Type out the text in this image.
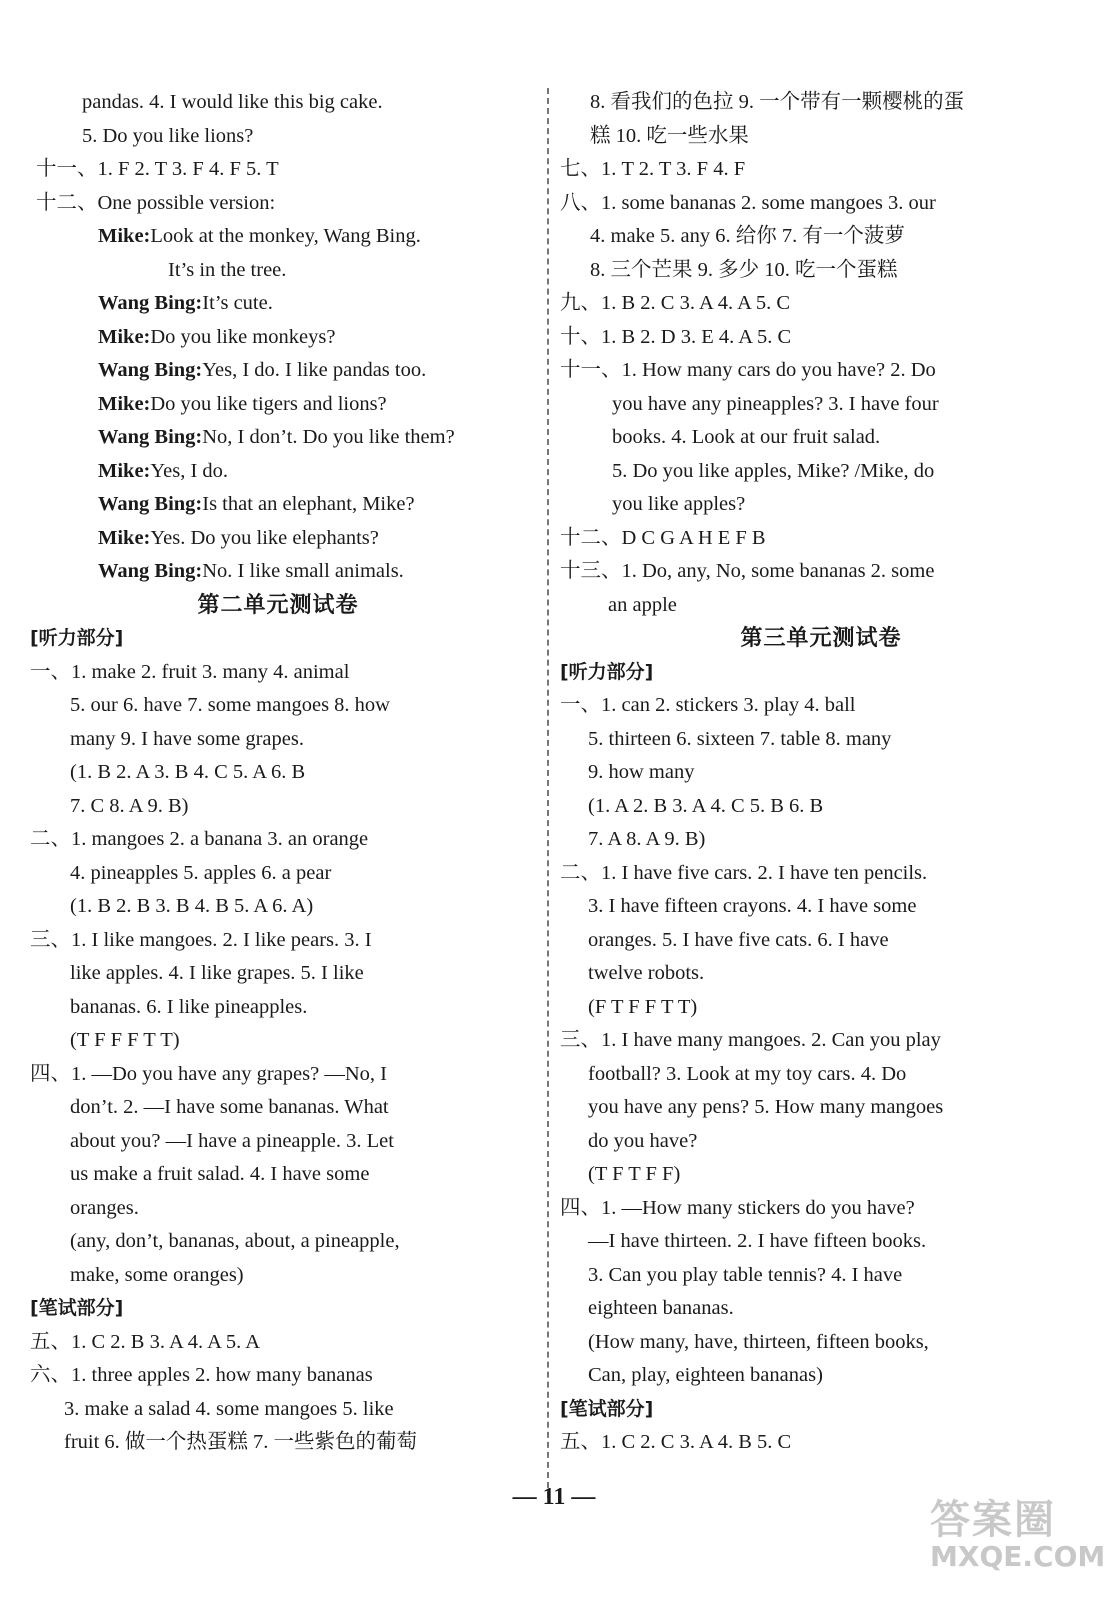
pandas. 4. I would like this big cake.
5. Do you like lions?
十一、1. F 2. T 3. F 4. F 5. T
十二、One possible version:
Mike:Look at the monkey, Wang Bing.
It’s in the tree.
Wang Bing:It’s cute.
Mike:Do you like monkeys?
Wang Bing:Yes, I do. I like pandas too.
Mike:Do you like tigers and lions?
Wang Bing:No, I don’t. Do you like them?
Mike:Yes, I do.
Wang Bing:Is that an elephant, Mike?
Mike:Yes. Do you like elephants?
Wang Bing:No. I like small animals.
第二单元测试卷
[听力部分]
一、1. make 2. fruit 3. many 4. animal
5. our 6. have 7. some mangoes 8. how
many 9. I have some grapes.
(1. B 2. A 3. B 4. C 5. A 6. B
7. C 8. A 9. B)
二、1. mangoes 2. a banana 3. an orange
4. pineapples 5. apples 6. a pear
(1. B 2. B 3. B 4. B 5. A 6. A)
三、1. I like mangoes. 2. I like pears. 3. I
like apples. 4. I like grapes. 5. I like
bananas. 6. I like pineapples.
(T F F F T T)
四、1. —Do you have any grapes? —No, I
don’t. 2. —I have some bananas. What
about you? —I have a pineapple. 3. Let
us make a fruit salad. 4. I have some
oranges.
(any, don’t, bananas, about, a pineapple,
make, some oranges)
[笔试部分]
五、1. C 2. B 3. A 4. A 5. A
六、1. three apples 2. how many bananas
3. make a salad 4. some mangoes 5. like
fruit 6. 做一个热蛋糕 7. 一些紫色的葡萄
8. 看我们的色拉 9. 一个带有一颗樱桃的蛋
糕 10. 吃一些水果
七、1. T 2. T 3. F 4. F
八、1. some bananas 2. some mangoes 3. our
4. make 5. any 6. 给你 7. 有一个菠萝
8. 三个芒果 9. 多少 10. 吃一个蛋糕
九、1. B 2. C 3. A 4. A 5. C
十、1. B 2. D 3. E 4. A 5. C
十一、1. How many cars do you have? 2. Do
you have any pineapples? 3. I have four
books. 4. Look at our fruit salad.
5. Do you like apples, Mike? /Mike, do
you like apples?
十二、D C G A H E F B
十三、1. Do, any, No, some bananas 2. some
an apple
第三单元测试卷
[听力部分]
一、1. can 2. stickers 3. play 4. ball
5. thirteen 6. sixteen 7. table 8. many
9. how many
(1. A 2. B 3. A 4. C 5. B 6. B
7. A 8. A 9. B)
二、1. I have five cars. 2. I have ten pencils.
3. I have fifteen crayons. 4. I have some
oranges. 5. I have five cats. 6. I have
twelve robots.
(F T F F T T)
三、1. I have many mangoes. 2. Can you play
football? 3. Look at my toy cars. 4. Do
you have any pens? 5. How many mangoes
do you have?
(T F T F F)
四、1. —How many stickers do you have?
—I have thirteen. 2. I have fifteen books.
3. Can you play table tennis? 4. I have
eighteen bananas.
(How many, have, thirteen, fifteen books,
Can, play, eighteen bananas)
[笔试部分]
五、1. C 2. C 3. A 4. B 5. C
— 11 —	答案圈
MXQE.COM
